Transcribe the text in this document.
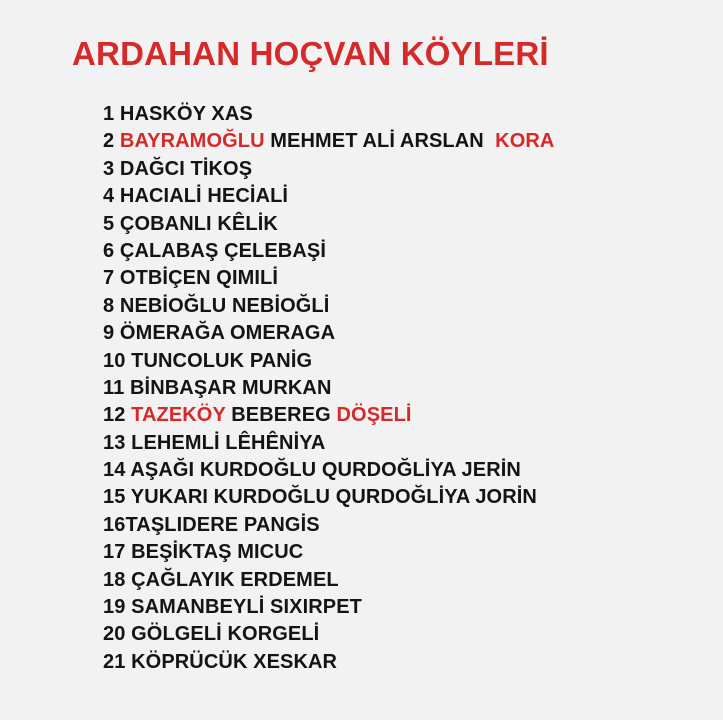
ARDAHAN HOÇVAN KÖYLERİ
1 HASKÖY XAS
2 BAYRAMOĞLU MEHMET ALİ ARSLAN KORA
3 DAĞCI TİKOŞ
4 HACIALİ HECİALİ
5 ÇOBANLI KÊLİK
6 ÇALABAŞ ÇELEBAŞİ
7 OTBİÇEN QIMILİ
8 NEBİOĞLU NEBİOĞLİ
9 ÖMERAĞA OMERAGA
10 TUNCOLUK PANİG
11 BİNBAŞAR MURKAN
12 TAZEKÖY BEBEREG DÖŞELİ
13 LEHEMLİ LÊHÊNİYA
14 AŞAĞI KURDOĞLU QURDOĞLİYA JERİN
15 YUKARI KURDOĞLU QURDOĞLİYA JORİN
16TAŞLIDERE PANGİS
17 BEŞİKTAŞ MICUC
18 ÇAĞLAYIK ERDEMEL
19 SAMANBEYLİ SIXIRPET
20 GÖLGELİ KORGELİ
21 KÖPRÜCÜK XESKAR
